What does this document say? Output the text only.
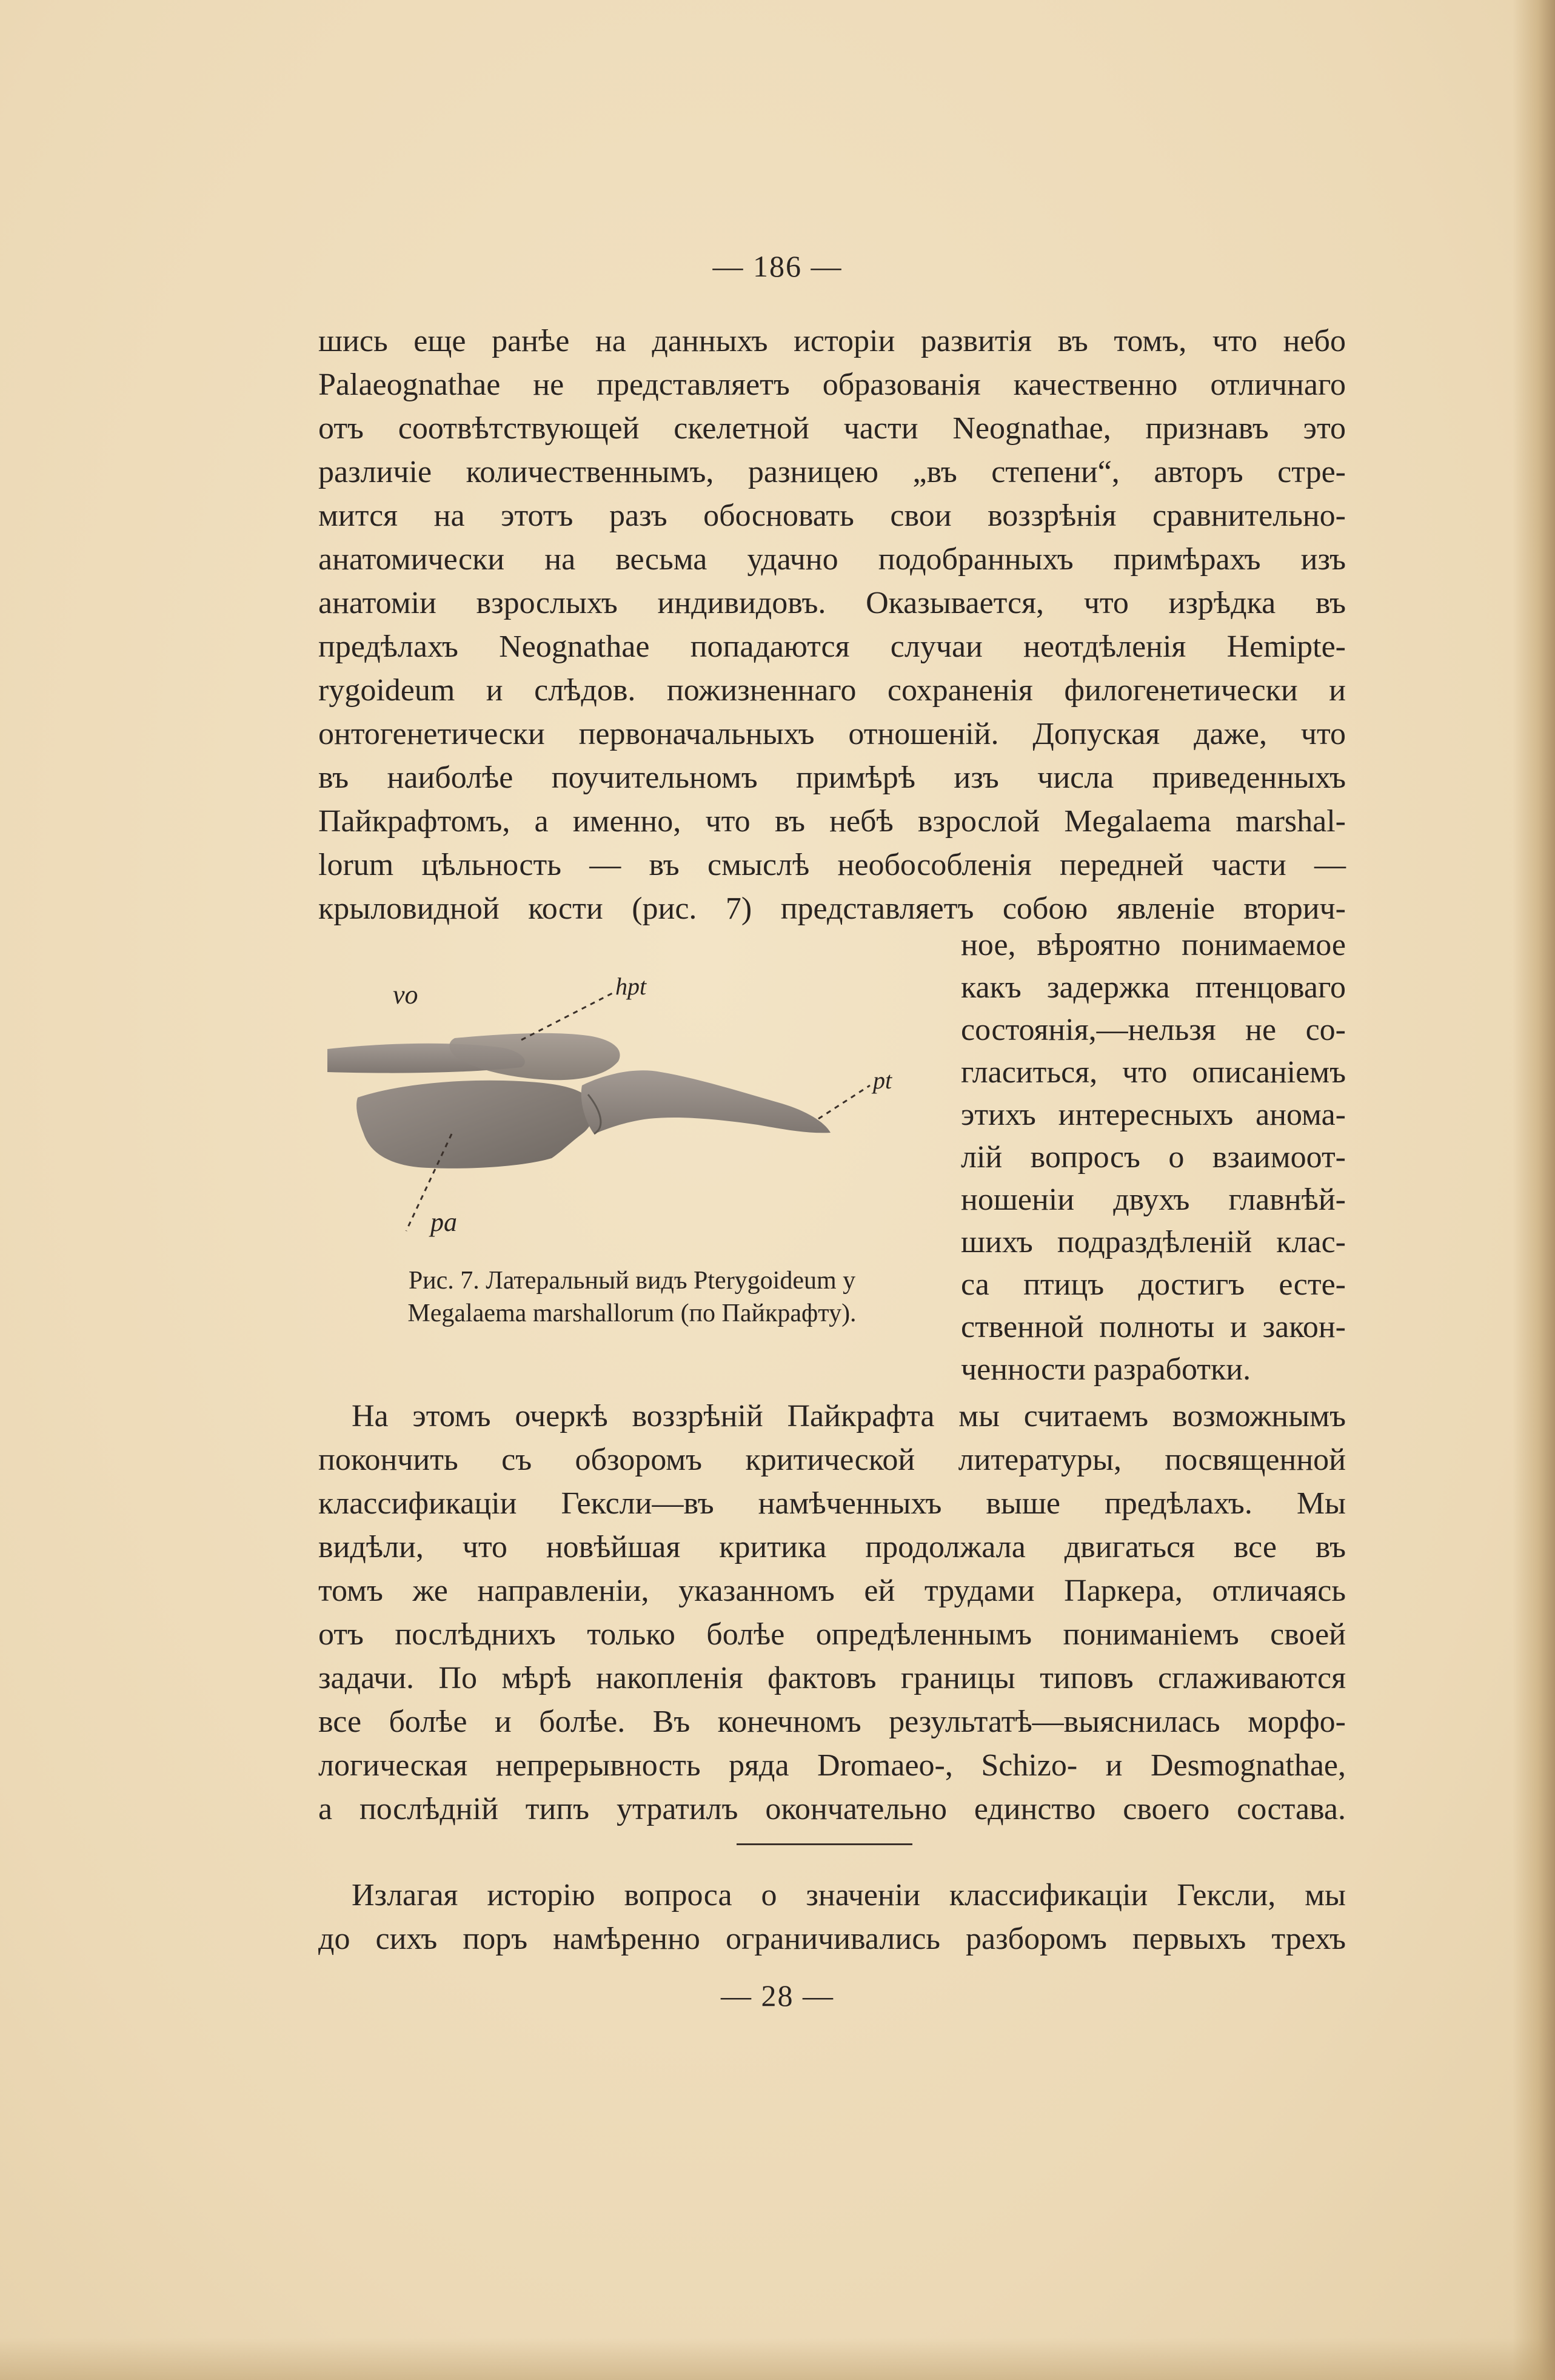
— 186 —
шись еще ранѣе на данныхъ исторіи развитія въ томъ, что небо
Palaeognathae не представляетъ образованія качественно отличнаго
отъ соотвѣтствующей скелетной части Neognathae, признавъ это
различіе количественнымъ, разницею „въ степени“, авторъ стре-
мится на этотъ разъ обосновать свои воззрѣнія сравнительно-
анатомически на весьма удачно подобранныхъ примѣрахъ изъ
анатоміи взрослыхъ индивидовъ. Оказывается, что изрѣдка въ
предѣлахъ Neognathae попадаются случаи неотдѣленія Hemipte-
rygoideum и слѣдов. пожизненнаго сохраненія филогенетически и
онтогенетически первоначальныхъ отношеній. Допуская даже, что
въ наиболѣе поучительномъ примѣрѣ изъ числа приведенныхъ
Пайкрафтомъ, а именно, что въ небѣ взрослой Megalaema marshal-
lorum цѣльность — въ смыслѣ необособленія передней части —
крыловидной кости (рис. 7) представляетъ собою явленіе вторич-
ное, вѣроятно понимаемое
какъ задержка птенцоваго
состоянія,—нельзя не со-
гласиться, что описаніемъ
этихъ интересныхъ анома-
лій вопросъ о взаимоот-
ношеніи двухъ главнѣй-
шихъ подраздѣленій клас-
са птицъ достигъ есте-
ственной полноты и закон-
ченности разработки.
vo	hpt
pt
pa
Рис. 7. Латеральный видъ Pterygoideum у
Megalaema marshallorum (по Пайкрафту).
На этомъ очеркѣ воззрѣній Пайкрафта мы считаемъ возможнымъ
покончить съ обзоромъ критической литературы, посвященной
классификаціи Гексли—въ намѣченныхъ выше предѣлахъ. Мы
видѣли, что новѣйшая критика продолжала двигаться все въ
томъ же направленіи, указанномъ ей трудами Паркера, отличаясь
отъ послѣднихъ только болѣе опредѣленнымъ пониманіемъ своей
задачи. По мѣрѣ накопленія фактовъ границы типовъ сглаживаются
все болѣе и болѣе. Въ конечномъ результатѣ—выяснилась морфо-
логическая непрерывность ряда Dromaeo-, Schizo- и Desmognathae,
а послѣдній типъ утратилъ окончательно единство своего состава.
Излагая исторію вопроса о значеніи классификаціи Гексли, мы
до сихъ поръ намѣренно ограничивались разборомъ первыхъ трехъ
— 28 —
